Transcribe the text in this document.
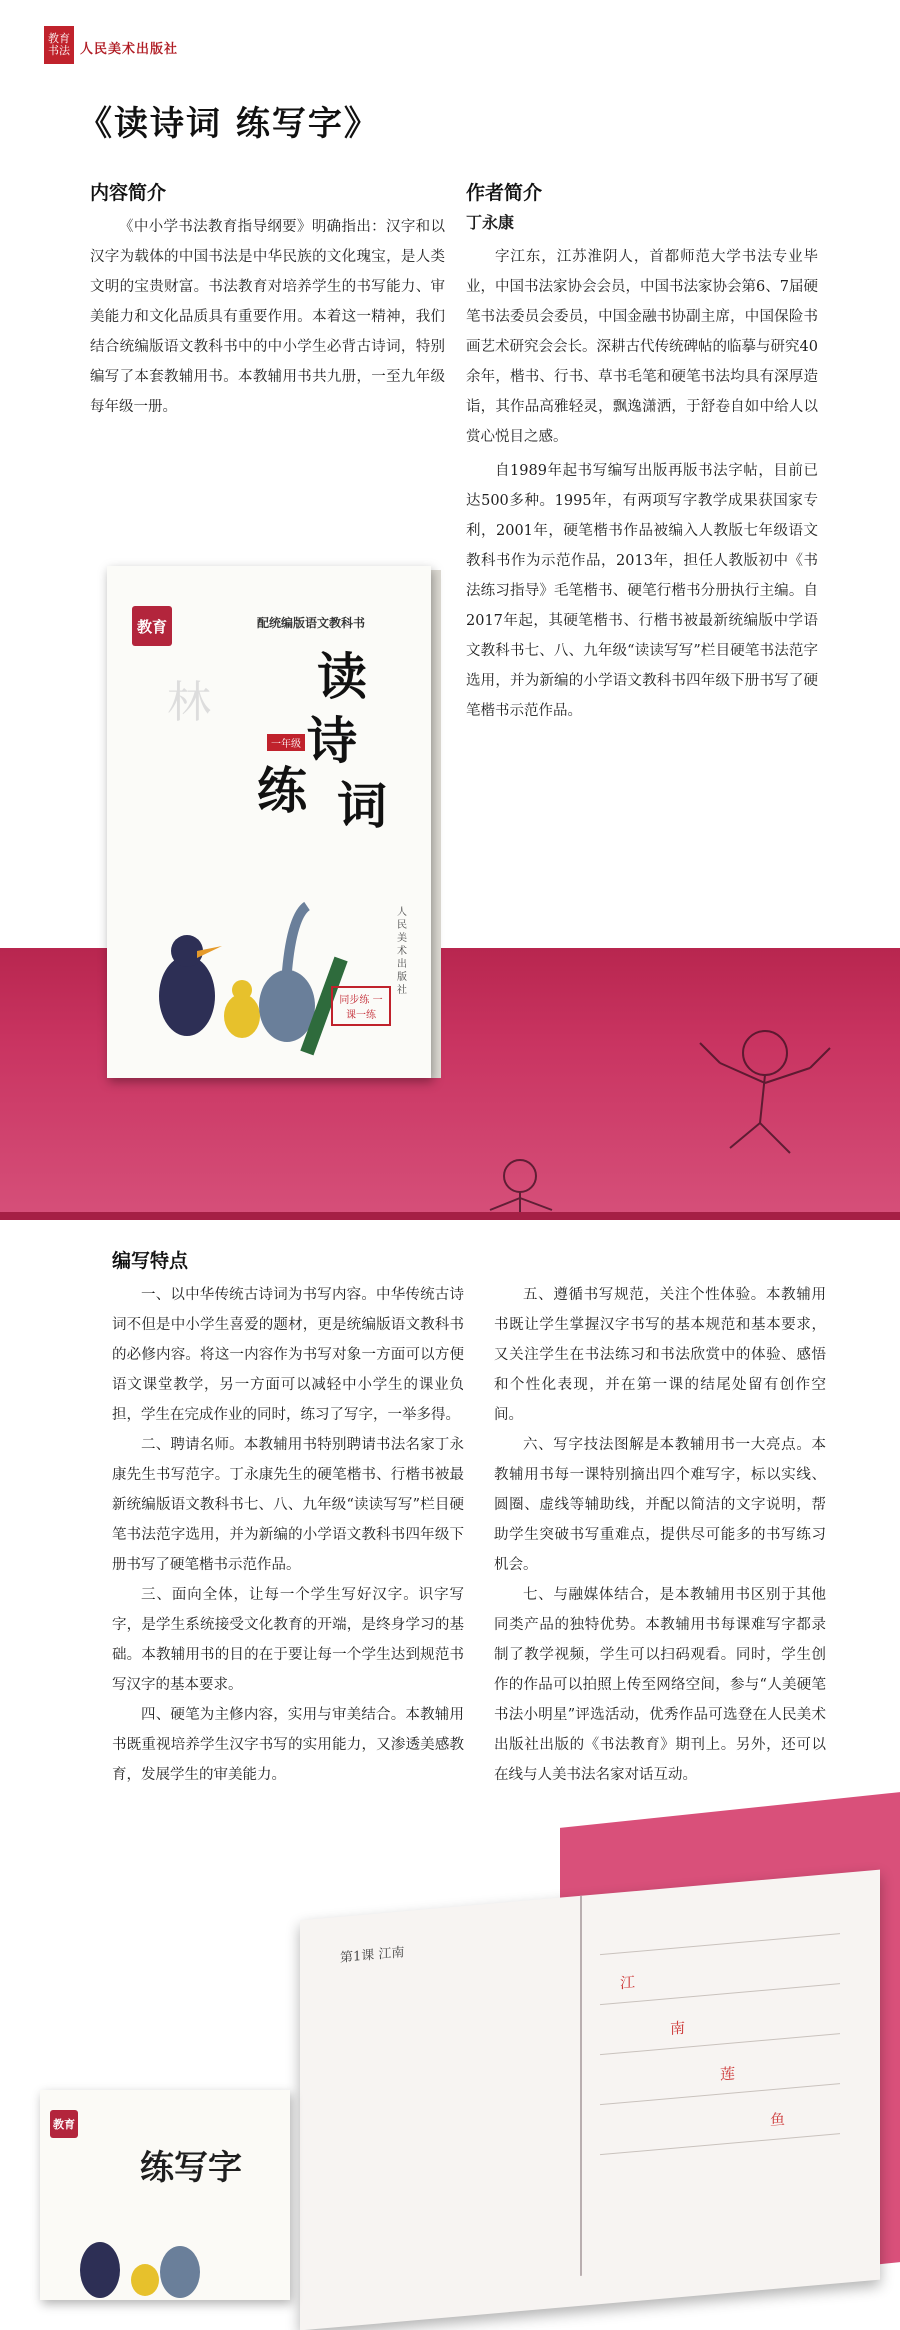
教育 书法 人民美术出版社
《读诗词 练写字》
内容简介

《中小学书法教育指导纲要》明确指出：汉字和以汉字为载体的中国书法是中华民族的文化瑰宝，是人类文明的宝贵财富。书法教育对培养学生的书写能力、审美能力和文化品质具有重要作用。本着这一精神，我们结合统编版语文教科书中的中小学生必背古诗词，特别编写了本套教辅用书。本教辅用书共九册，一至九年级每年级一册。

作者简介
丁永康

字江东，江苏淮阴人，首都师范大学书法专业毕业，中国书法家协会会员，中国书法家协会第6、7届硬笔书法委员会委员，中国金融书协副主席，中国保险书画艺术研究会会长。深耕古代传统碑帖的临摹与研究40余年，楷书、行书、草书毛笔和硬笔书法均具有深厚造诣，其作品高雅轻灵，飘逸潇洒，于舒卷自如中给人以赏心悦目之感。

自1989年起书写编写出版再版书法字帖，目前已达500多种。1995年，有两项写字教学成果获国家专利，2001年，硬笔楷书作品被编入人教版七年级语文教科书作为示范作品，2013年，担任人教版初中《书法练习指导》毛笔楷书、硬笔行楷书分册执行主编。自2017年起，其硬笔楷书、行楷书被最新统编版中学语文教科书七、八、九年级“读读写写”栏目硬笔书法范字选用，并为新编的小学语文教科书四年级下册书写了硬笔楷书示范作品。

教育	配统编版语文教科书
读
诗
练 词
一年级
林
同步练 一课一练
人民美术出版社
编写特点

一、以中华传统古诗词为书写内容。中华传统古诗词不但是中小学生喜爱的题材，更是统编版语文教科书的必修内容。将这一内容作为书写对象一方面可以方便语文课堂教学，另一方面可以减轻中小学生的课业负担，学生在完成作业的同时，练习了写字，一举多得。

二、聘请名师。本教辅用书特别聘请书法名家丁永康先生书写范字。丁永康先生的硬笔楷书、行楷书被最新统编版语文教科书七、八、九年级“读读写写”栏目硬笔书法范字选用，并为新编的小学语文教科书四年级下册书写了硬笔楷书示范作品。

三、面向全体，让每一个学生写好汉字。识字写字，是学生系统接受文化教育的开端，是终身学习的基础。本教辅用书的目的在于要让每一个学生达到规范书写汉字的基本要求。

四、硬笔为主修内容，实用与审美结合。本教辅用书既重视培养学生汉字书写的实用能力，又渗透美感教育，发展学生的审美能力。

五、遵循书写规范，关注个性体验。本教辅用书既让学生掌握汉字书写的基本规范和基本要求，又关注学生在书法练习和书法欣赏中的体验、感悟和个性化表现，并在第一课的结尾处留有创作空间。

六、写字技法图解是本教辅用书一大亮点。本教辅用书每一课特别摘出四个难写字，标以实线、圆圈、虚线等辅助线，并配以简洁的文字说明，帮助学生突破书写重难点，提供尽可能多的书写练习机会。

七、与融媒体结合，是本教辅用书区别于其他同类产品的独特优势。本教辅用书每课难写字都录制了教学视频，学生可以扫码观看。同时，学生创作的作品可以拍照上传至网络空间，参与“人美硬笔书法小明星”评选活动，优秀作品可选登在人民美术出版社出版的《书法教育》期刊上。另外，还可以在线与人美书法名家对话互动。

第1课 江南
江
南
莲
鱼
教育
练写字
